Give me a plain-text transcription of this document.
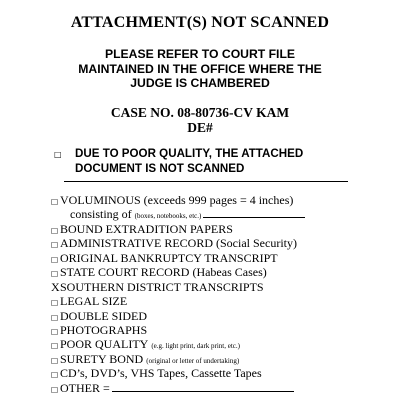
ATTACHMENT(S) NOT SCANNED
PLEASE REFER TO COURT FILE
MAINTAINED IN THE OFFICE WHERE THE
JUDGE IS CHAMBERED
CASE NO. 08-80736-CV KAM
DE#
□	DUE TO POOR QUALITY, THE ATTACHED
DOCUMENT IS NOT SCANNED
□ VOLUMINOUS (exceeds 999 pages = 4 inches)
consisting of (boxes, notebooks, etc.)
□ BOUND EXTRADITION PAPERS
□ ADMINISTRATIVE RECORD (Social Security)
□ ORIGINAL BANKRUPTCY TRANSCRIPT
□ STATE COURT RECORD (Habeas Cases)
X SOUTHERN DISTRICT TRANSCRIPTS
□ LEGAL SIZE
□ DOUBLE SIDED
□ PHOTOGRAPHS
□ POOR QUALITY (e.g. light print, dark print, etc.)
□ SURETY BOND (original or letter of undertaking)
□ CD’s, DVD’s, VHS Tapes, Cassette Tapes
□ OTHER =
